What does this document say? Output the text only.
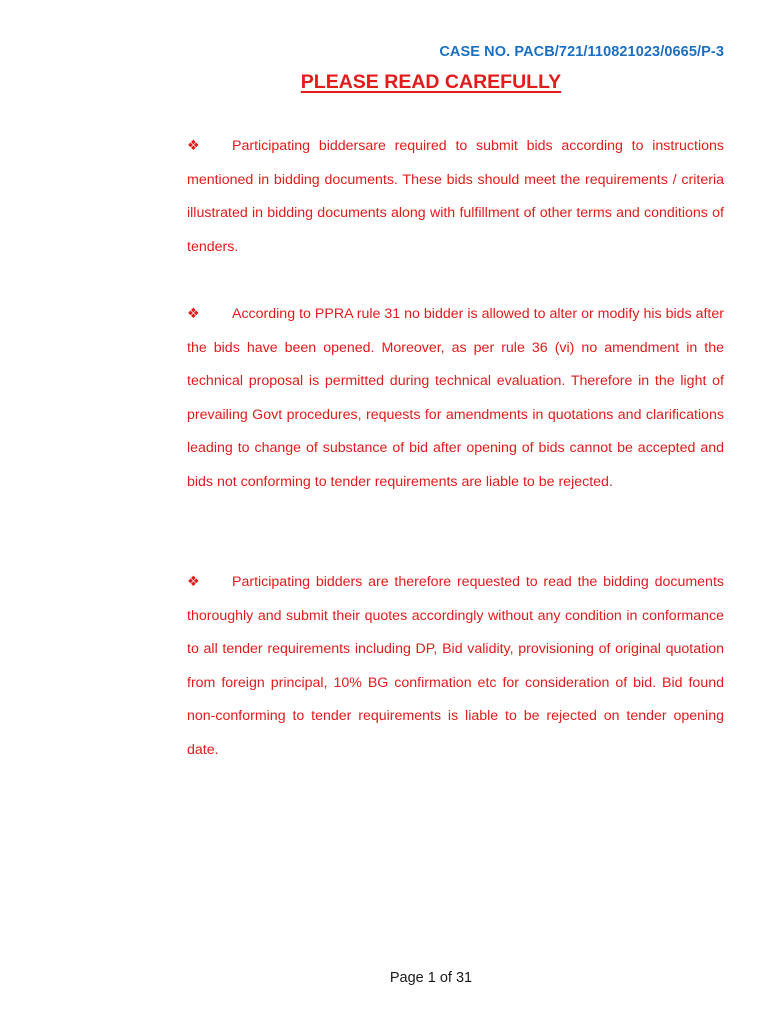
CASE NO. PACB/721/110821023/0665/P-3
PLEASE READ CAREFULLY
❖ Participating biddersare required to submit bids according to instructions mentioned in bidding documents. These bids should meet the requirements / criteria illustrated in bidding documents along with fulfillment of other terms and conditions of tenders.
❖ According to PPRA rule 31 no bidder is allowed to alter or modify his bids after the bids have been opened. Moreover, as per rule 36 (vi) no amendment in the technical proposal is permitted during technical evaluation. Therefore in the light of prevailing Govt procedures, requests for amendments in quotations and clarifications leading to change of substance of bid after opening of bids cannot be accepted and bids not conforming to tender requirements are liable to be rejected.
❖ Participating bidders are therefore requested to read the bidding documents thoroughly and submit their quotes accordingly without any condition in conformance to all tender requirements including DP, Bid validity, provisioning of original quotation from foreign principal, 10% BG confirmation etc for consideration of bid. Bid found non-conforming to tender requirements is liable to be rejected on tender opening date.
Page 1 of 31
